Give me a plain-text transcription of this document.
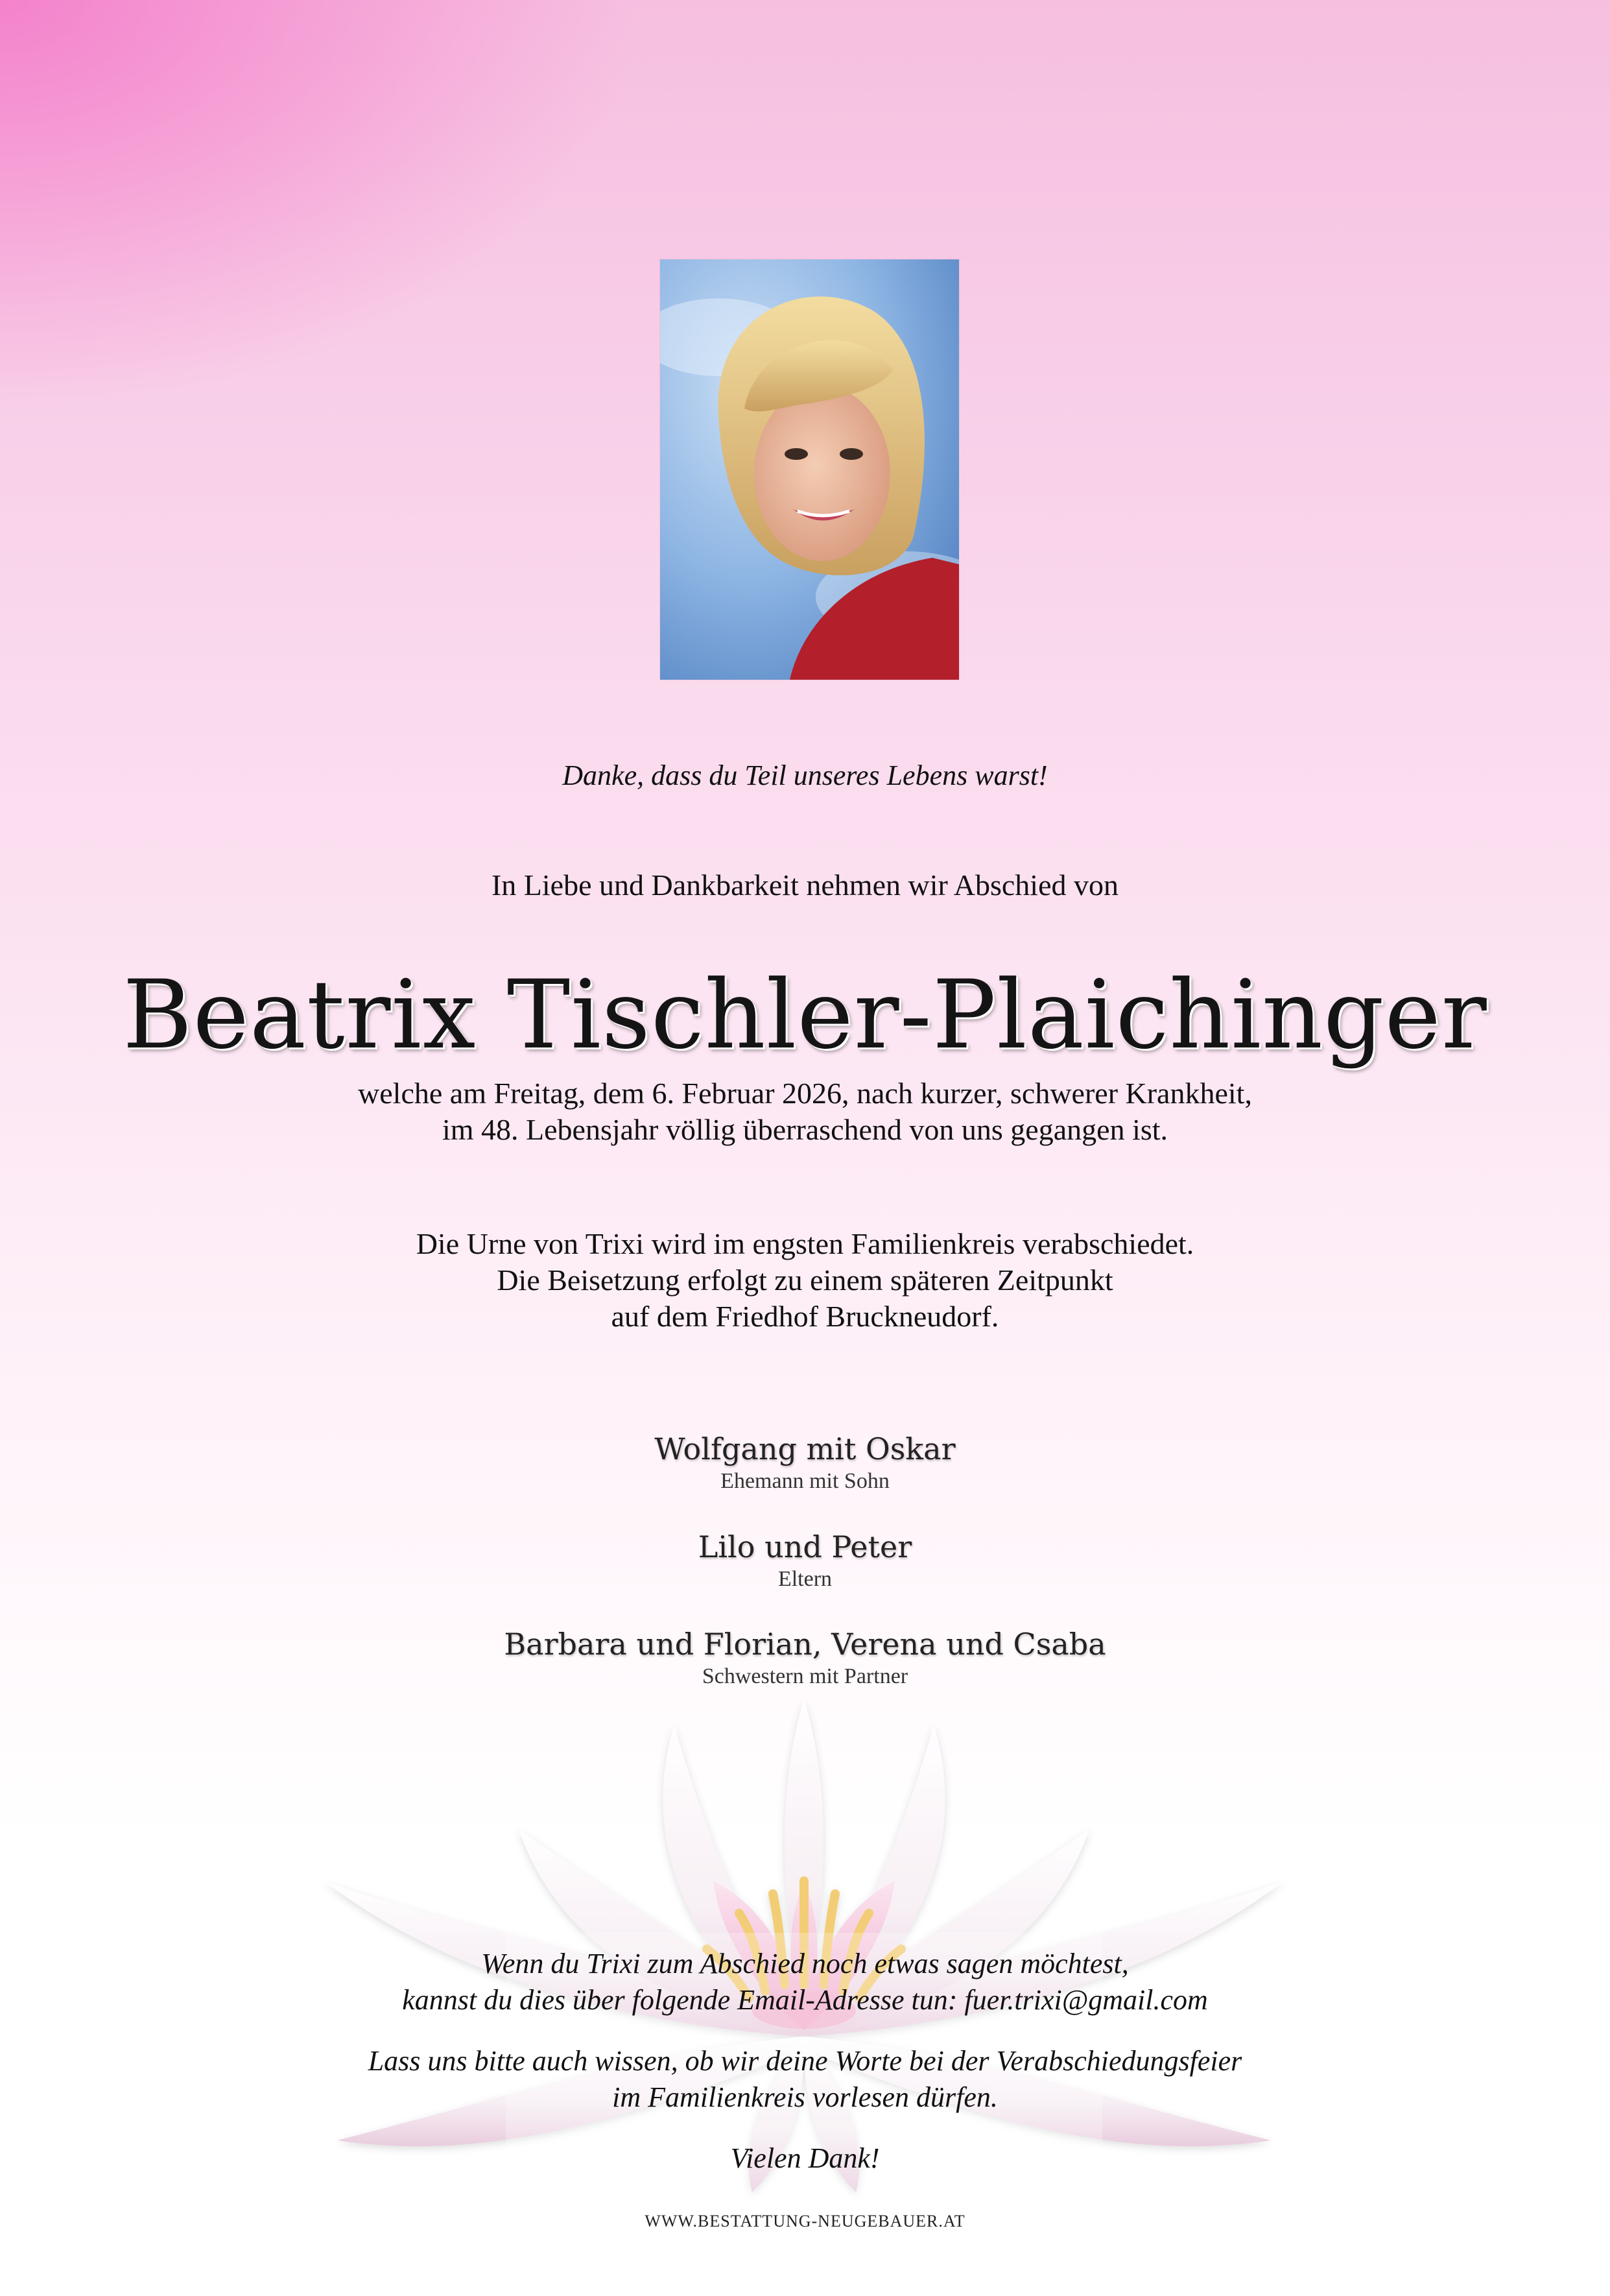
Danke, dass du Teil unseres Lebens warst!
In Liebe und Dankbarkeit nehmen wir Abschied von
Beatrix Tischler-Plaichinger
welche am Freitag, dem 6. Februar 2026, nach kurzer, schwerer Krankheit,
im 48. Lebensjahr völlig überraschend von uns gegangen ist.
Die Urne von Trixi wird im engsten Familienkreis verabschiedet.
Die Beisetzung erfolgt zu einem späteren Zeitpunkt
auf dem Friedhof Bruckneudorf.
Wolfgang mit Oskar
Ehemann mit Sohn
Lilo und Peter
Eltern
Barbara und Florian, Verena und Csaba
Schwestern mit Partner
Wenn du Trixi zum Abschied noch etwas sagen möchtest,
kannst du dies über folgende Email-Adresse tun: fuer.trixi@gmail.com
Lass uns bitte auch wissen, ob wir deine Worte bei der Verabschiedungsfeier
im Familienkreis vorlesen dürfen.
Vielen Dank!
WWW.BESTATTUNG-NEUGEBAUER.AT
